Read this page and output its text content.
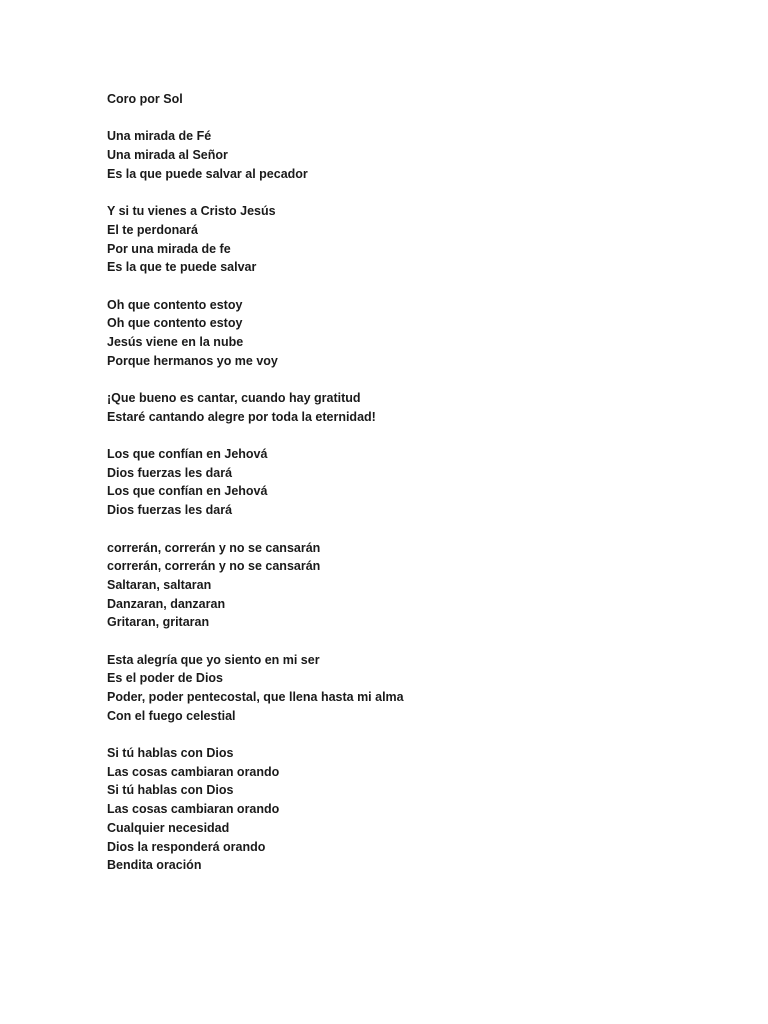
Coro por Sol
Una mirada de Fé
Una mirada al Señor
Es la que puede salvar al pecador
Y si tu vienes a Cristo Jesús
El te perdonará
Por una mirada de fe
Es la que te puede salvar
Oh que contento estoy
Oh que contento estoy
Jesús viene en la nube
Porque hermanos yo me voy
¡Que bueno es cantar, cuando hay gratitud
Estaré cantando alegre por toda la eternidad!
Los que confían en Jehová
Dios fuerzas les dará
Los que confían en Jehová
Dios fuerzas les dará
correrán, correrán y no se cansarán
correrán, correrán y no se cansarán
Saltaran, saltaran
Danzaran, danzaran
Gritaran, gritaran
Esta alegría que yo siento en mi ser
Es el poder de Dios
Poder, poder pentecostal, que llena hasta mi alma
Con el fuego celestial
Si tú hablas con Dios
Las cosas cambiaran orando
Si tú hablas con Dios
Las cosas cambiaran orando
Cualquier necesidad
Dios la responderá orando
Bendita oración
